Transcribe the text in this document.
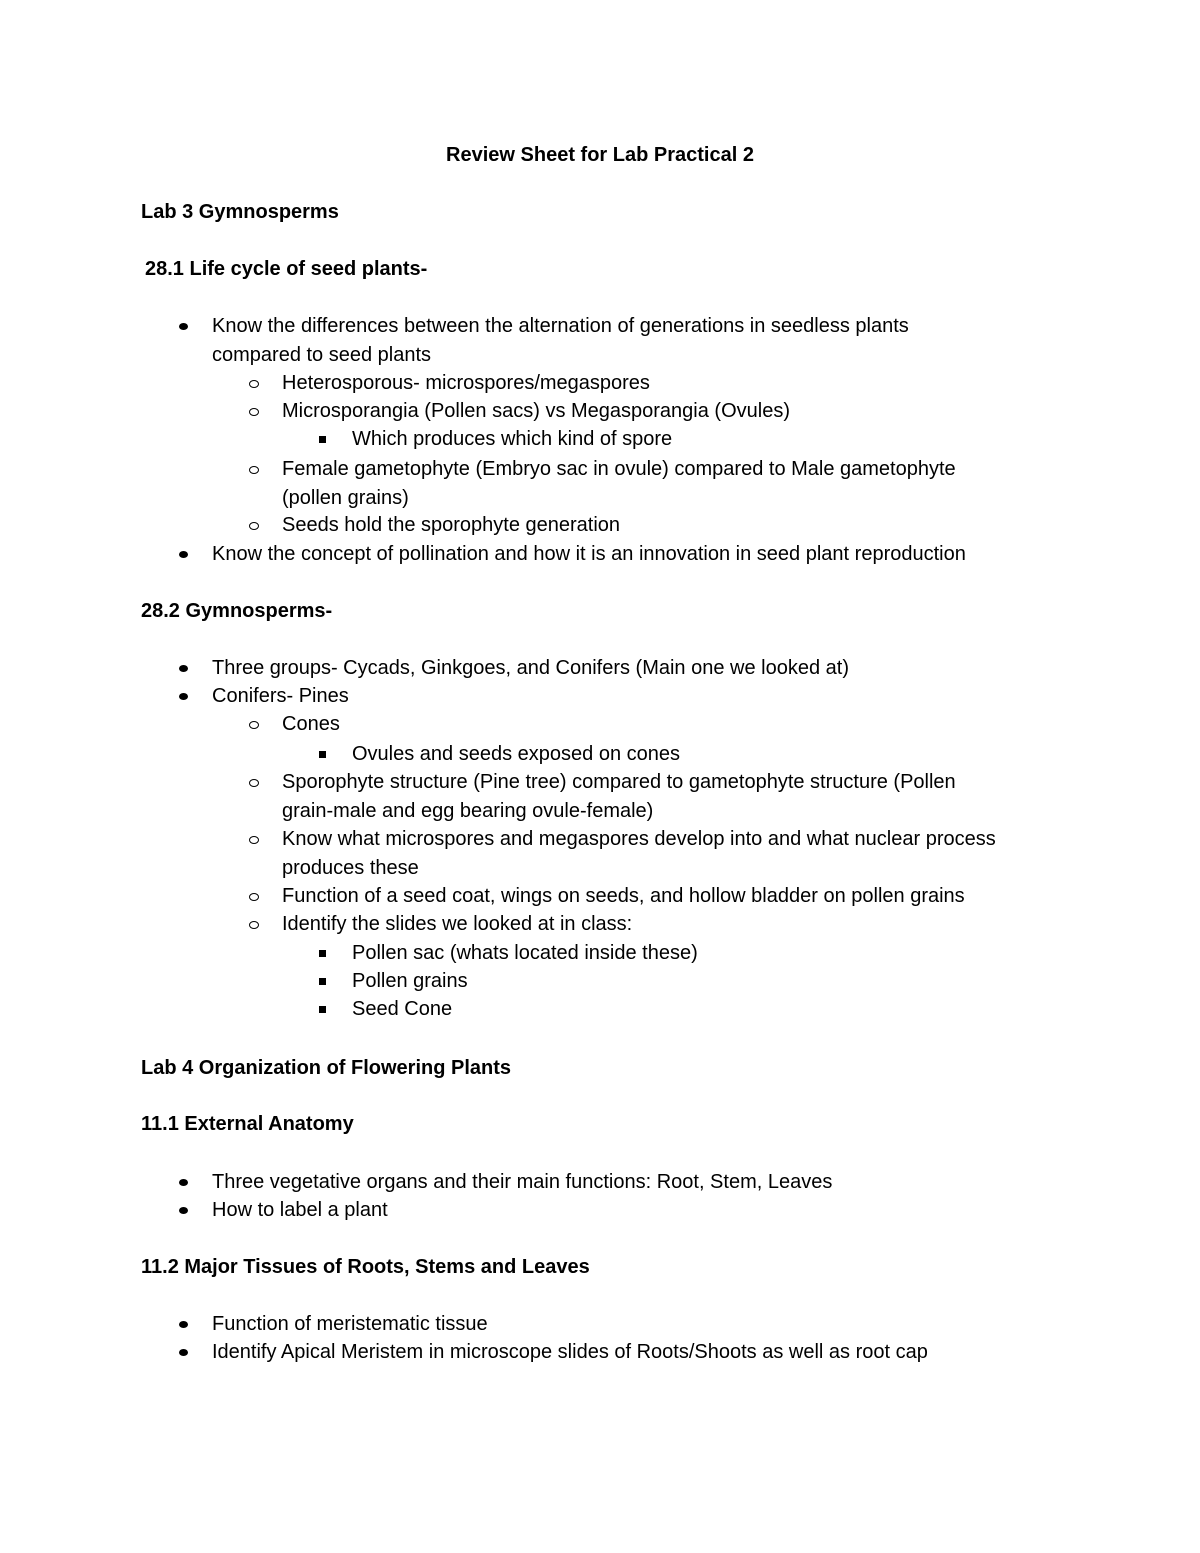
Review Sheet for Lab Practical 2
Lab 3 Gymnosperms
28.1 Life cycle of seed plants-
Know the differences between the alternation of generations in seedless plants
compared to seed plants
Heterosporous- microspores/megaspores
Microsporangia (Pollen sacs) vs Megasporangia (Ovules)
Which produces which kind of spore
Female gametophyte (Embryo sac in ovule) compared to Male gametophyte
(pollen grains)
Seeds hold the sporophyte generation
Know the concept of pollination and how it is an innovation in seed plant reproduction
28.2 Gymnosperms-
Three groups- Cycads, Ginkgoes, and Conifers (Main one we looked at)
Conifers- Pines
Cones
Ovules and seeds exposed on cones
Sporophyte structure (Pine tree) compared to gametophyte structure (Pollen
grain-male and egg bearing ovule-female)
Know what microspores and megaspores develop into and what nuclear process
produces these
Function of a seed coat, wings on seeds, and hollow bladder on pollen grains
Identify the slides we looked at in class:
Pollen sac (whats located inside these)
Pollen grains
Seed Cone
Lab 4 Organization of Flowering Plants
11.1 External Anatomy
Three vegetative organs and their main functions: Root, Stem, Leaves
How to label a plant
11.2 Major Tissues of Roots, Stems and Leaves
Function of meristematic tissue
Identify Apical Meristem in microscope slides of Roots/Shoots as well as root cap
